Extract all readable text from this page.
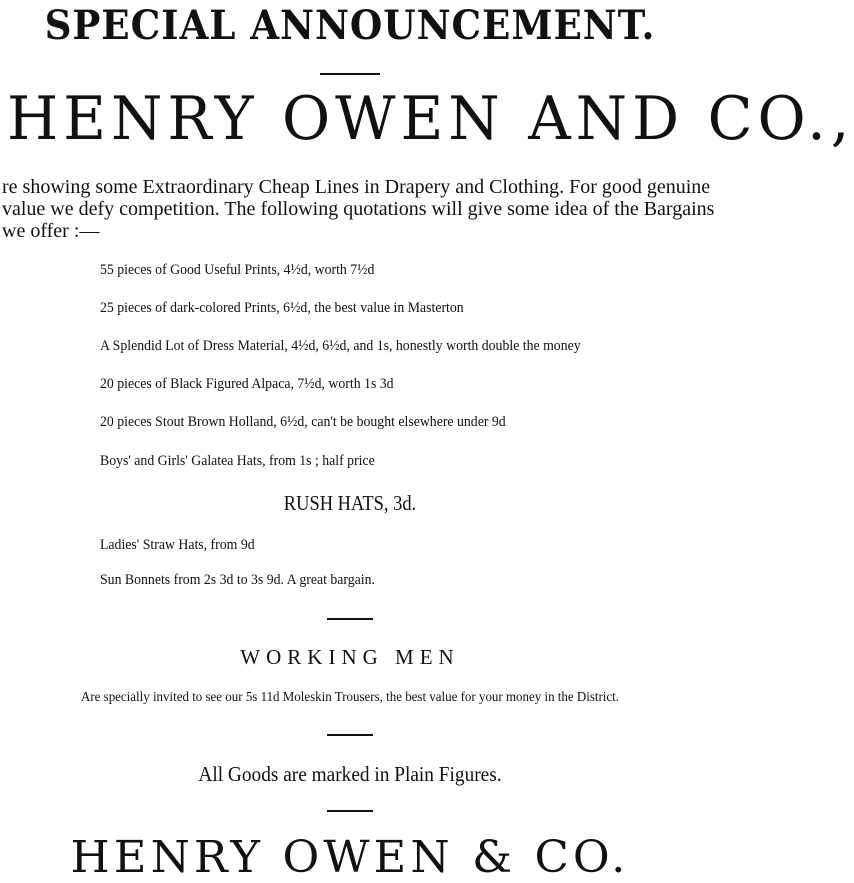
SPECIAL ANNOUNCEMENT.
HENRY OWEN AND CO.,
re showing some Extraordinary Cheap Lines in Drapery and Clothing. For good genuine
value we defy competition. The following quotations will give some idea of the Bargains
we offer :—
55 pieces of Good Useful Prints, 4½d, worth 7½d
25 pieces of dark-colored Prints, 6½d, the best value in Masterton
A Splendid Lot of Dress Material, 4½d, 6½d, and 1s, honestly worth double the money
20 pieces of Black Figured Alpaca, 7½d, worth 1s 3d
20 pieces Stout Brown Holland, 6½d, can't be bought elsewhere under 9d
Boys' and Girls' Galatea Hats, from 1s ; half price
RUSH HATS, 3d.
Ladies' Straw Hats, from 9d
Sun Bonnets from 2s 3d to 3s 9d. A great bargain.
WORKING MEN
Are specially invited to see our 5s 11d Moleskin Trousers, the best value for your money in the District.
All Goods are marked in Plain Figures.
HENRY OWEN & CO.
